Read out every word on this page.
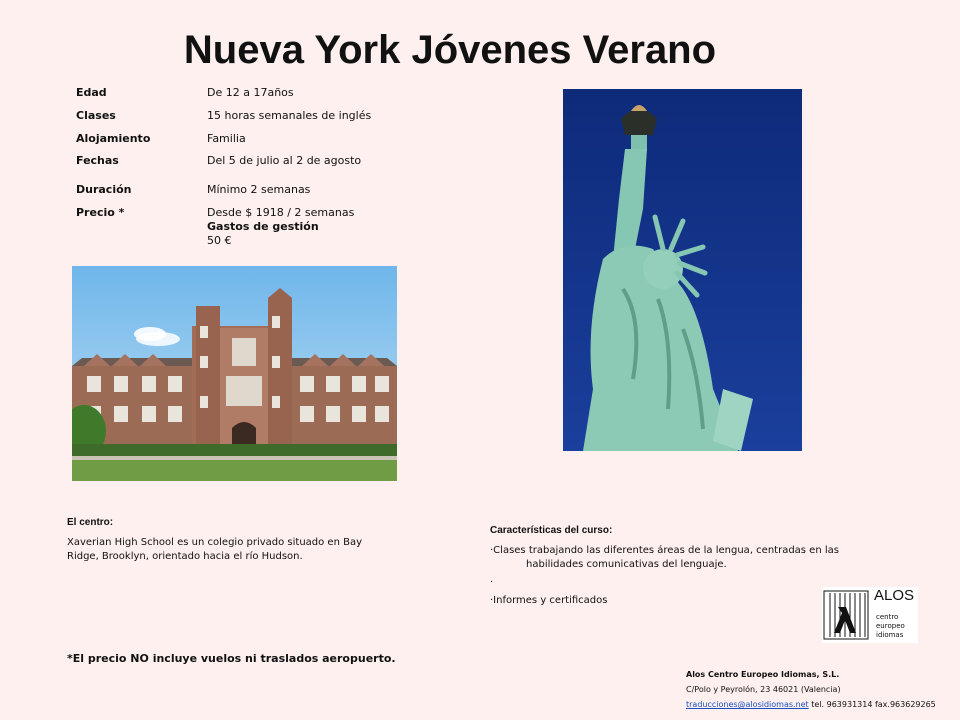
Nueva York Jóvenes Verano
Edad	De 12 a 17años
Clases	15 horas semanales de inglés
Alojamiento	Familia
Fechas	Del 5 de julio al 2 de agosto
Duración	Mínimo 2 semanas
Precio *	Desde $ 1918 / 2 semanas
Gastos de gestión
50 €
El centro:
Xaverian High School es un colegio privado situado en Bay Ridge, Brooklyn, orientado hacia el río Hudson.
Características del curso:

·Clases trabajando las diferentes áreas de la lengua, centradas en las habilidades comunicativas del lenguaje.

·

·Informes y certificados

*El precio NO incluye vuelos ni traslados aeropuerto.
ALOS
centro
europeo
idiomas
Alos Centro Europeo Idiomas, S.L.
C/Polo y Peyrolón, 23 46021 (Valencia)
traducciones@alosidiomas.net tel. 963931314 fax.963629265
